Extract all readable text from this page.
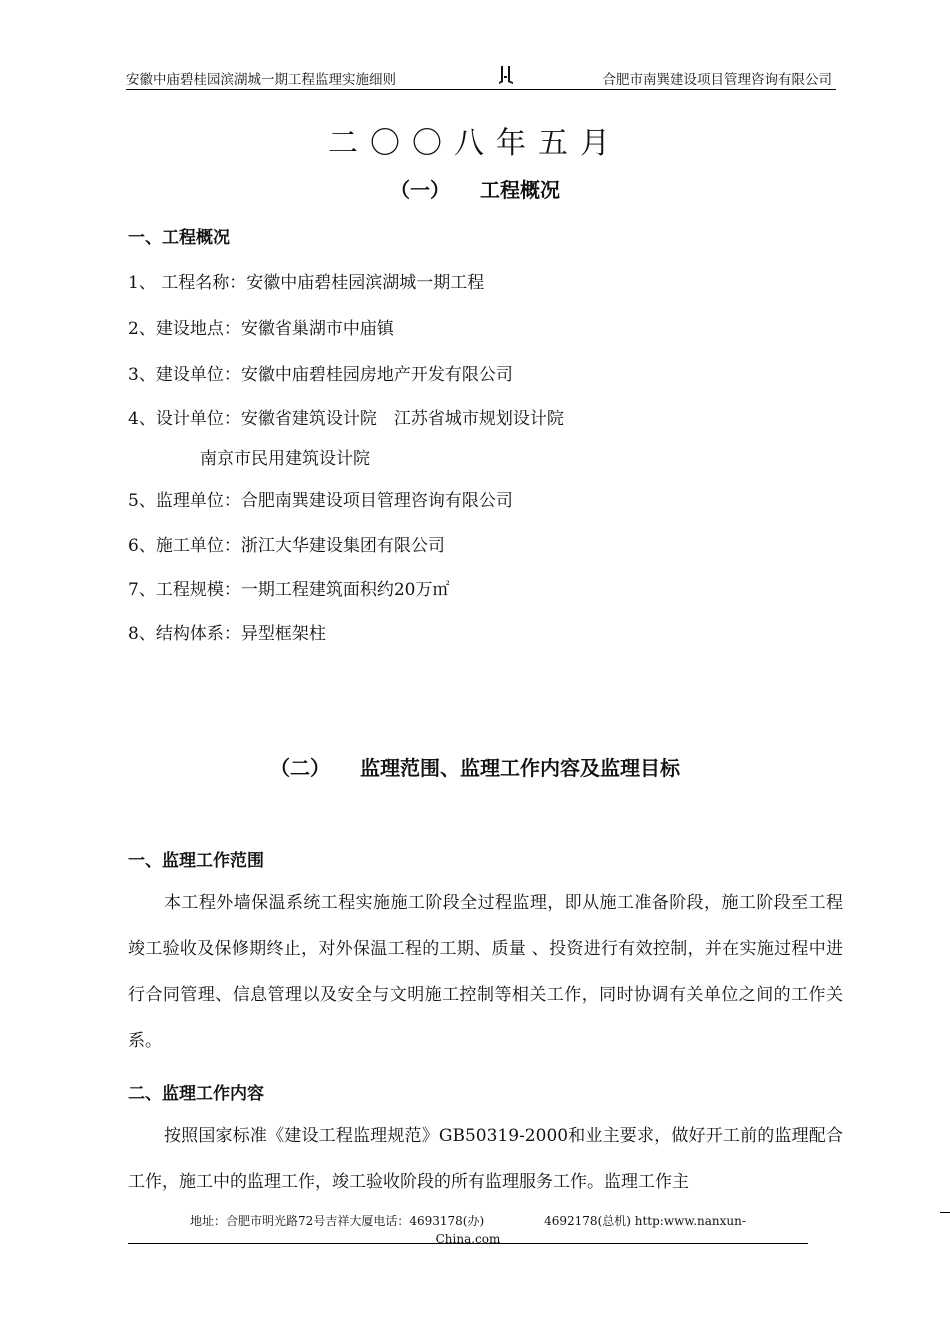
安徽中庙碧桂园滨湖城一期工程监理实施细则	合肥市南巽建设项目管理咨询有限公司
二〇〇八年五月
（一） 工程概况
一、工程概况
1、 工程名称：安徽中庙碧桂园滨湖城一期工程
2、建设地点：安徽省巢湖市中庙镇
3、建设单位：安徽中庙碧桂园房地产开发有限公司
4、设计单位：安徽省建筑设计院　江苏省城市规划设计院
南京市民用建筑设计院
5、监理单位：合肥南巽建设项目管理咨询有限公司
6、施工单位：浙江大华建设集团有限公司
7、工程规模：一期工程建筑面积约20万㎡
8、结构体系：异型框架柱
（二） 监理范围、监理工作内容及监理目标
一、监理工作范围
本工程外墙保温系统工程实施施工阶段全过程监理，即从施工准备阶段，施工阶段至工程竣工验收及保修期终止，对外保温工程的工期、质量 、投资进行有效控制，并在实施过程中进行合同管理、信息管理以及安全与文明施工控制等相关工作，同时协调有关单位之间的工作关系。
二、监理工作内容
按照国家标准《建设工程监理规范》GB50319-2000和业主要求，做好开工前的监理配合工作，施工中的监理工作，竣工验收阶段的所有监理服务工作。监理工作主
地址：合肥市明光路72号吉祥大厦电话：4693178(办)　　　　　4692178(总机) http:www.nanxun-
China.com
